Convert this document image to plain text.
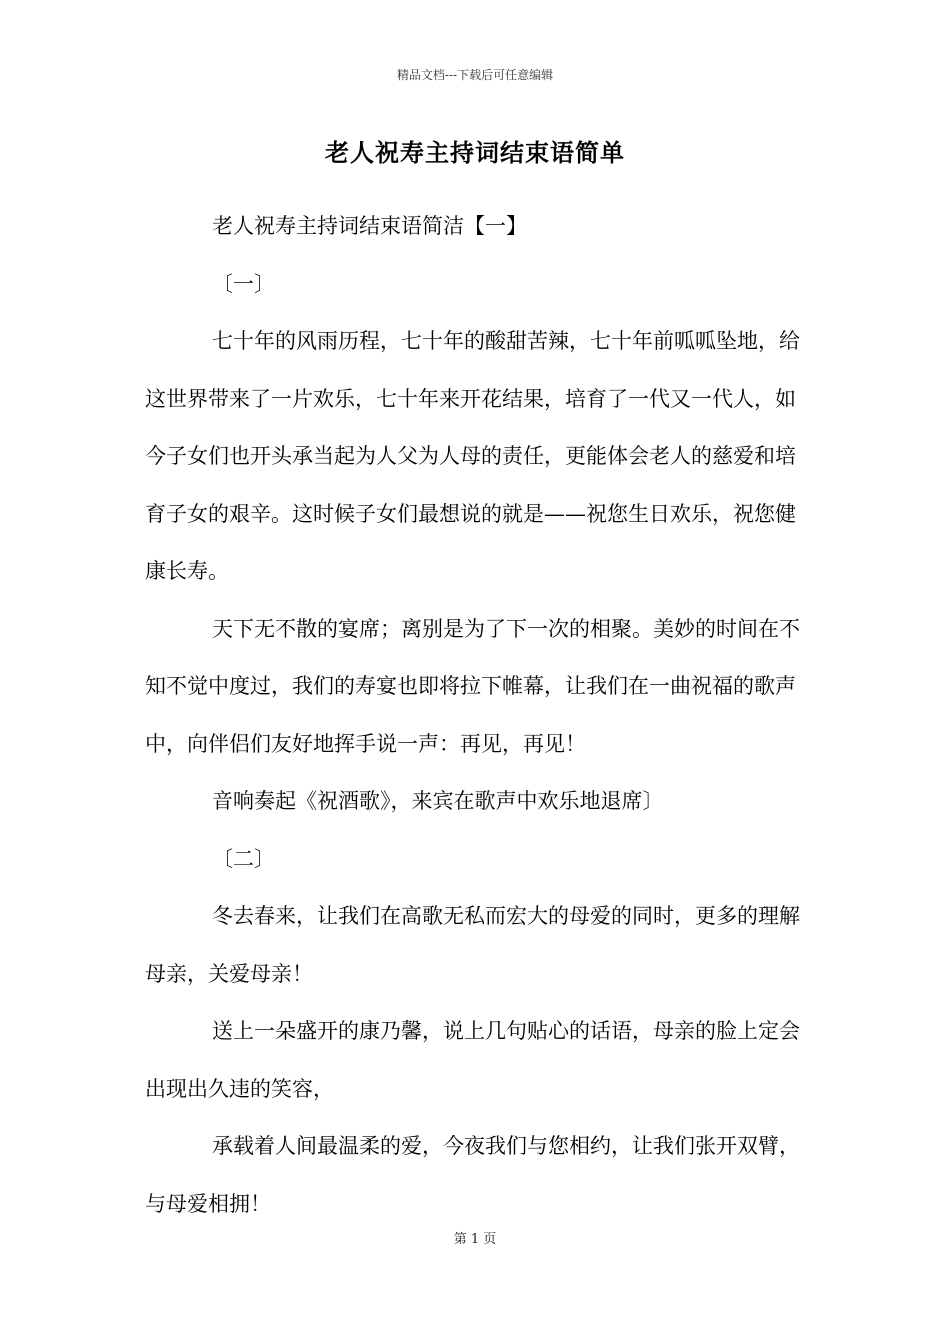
精品文档---下载后可任意编辑
老人祝寿主持词结束语简单

老人祝寿主持词结束语简洁【一】

〔一〕

七十年的风雨历程，七十年的酸甜苦辣，七十年前呱呱坠地，给这世界带来了一片欢乐，七十年来开花结果，培育了一代又一代人，如今子女们也开头承当起为人父为人母的责任，更能体会老人的慈爱和培育子女的艰辛。这时候子女们最想说的就是——祝您生日欢乐，祝您健康长寿。

天下无不散的宴席；离别是为了下一次的相聚。美妙的时间在不知不觉中度过，我们的寿宴也即将拉下帷幕，让我们在一曲祝福的歌声中，向伴侣们友好地挥手说一声：再见，再见！

音响奏起《祝酒歌》，来宾在歌声中欢乐地退席〕

〔二〕

冬去春来，让我们在高歌无私而宏大的母爱的同时，更多的理解母亲，关爱母亲！

送上一朵盛开的康乃馨，说上几句贴心的话语，母亲的脸上定会出现出久违的笑容，

承载着人间最温柔的爱，今夜我们与您相约，让我们张开双臂，与母爱相拥！

第 1 页
